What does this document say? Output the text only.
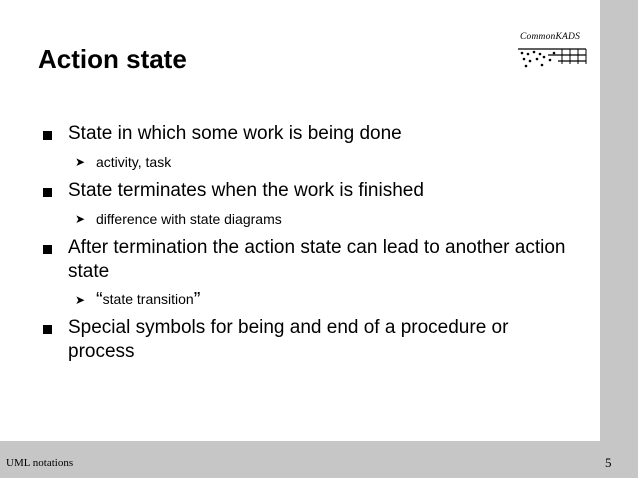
Action state
CommonKADS
State in which some work is being done
➤ activity, task
State terminates when the work is finished
➤ difference with state diagrams
After termination the action state can lead to another action state
➤ “state transition”
Special symbols for being and end of a procedure or process
UML notations	5
